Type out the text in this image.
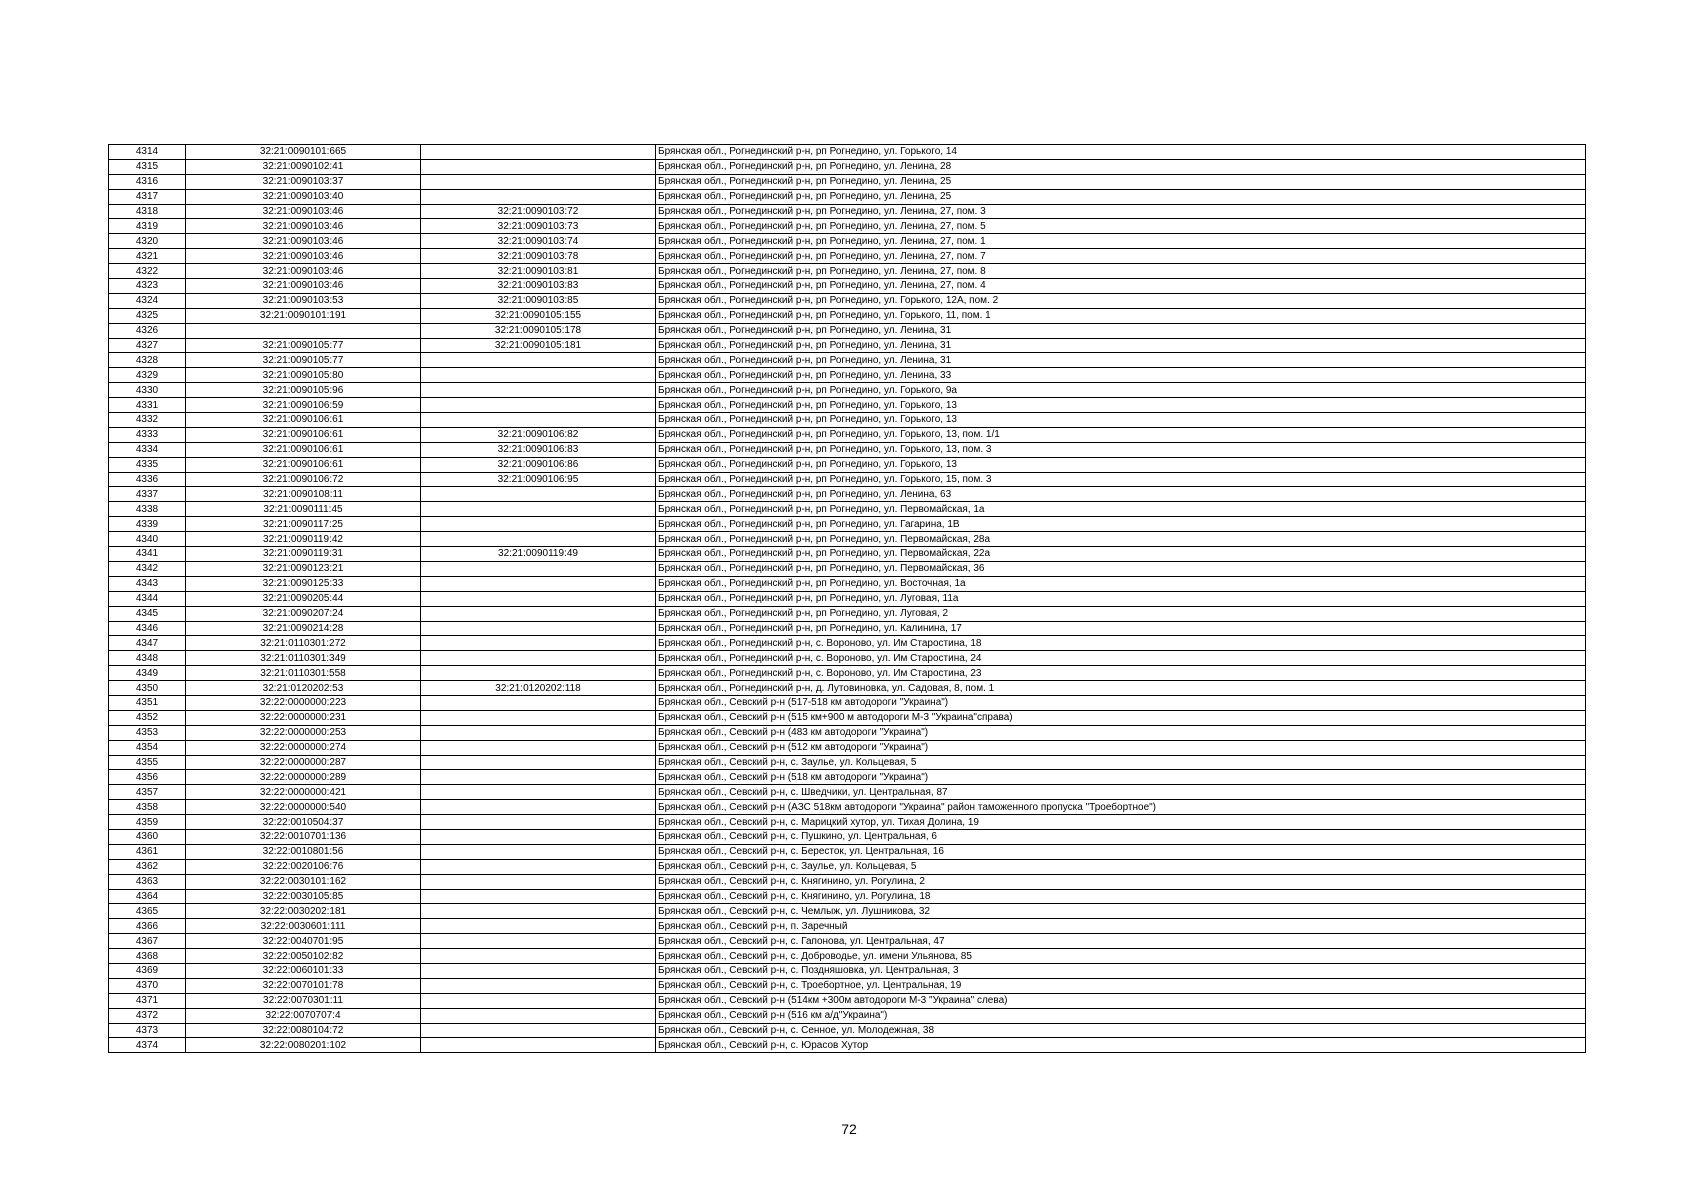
4314	32:21:0090101:665		Брянская обл., Рогнединский р-н, рп Рогнедино, ул. Горького, 14
4315	32:21:0090102:41		Брянская обл., Рогнединский р-н, рп Рогнедино, ул. Ленина, 28
4316	32:21:0090103:37		Брянская обл., Рогнединский р-н, рп Рогнедино, ул. Ленина, 25
4317	32:21:0090103:40		Брянская обл., Рогнединский р-н, рп Рогнедино, ул. Ленина, 25
4318	32:21:0090103:46	32:21:0090103:72	Брянская обл., Рогнединский р-н, рп Рогнедино, ул. Ленина, 27, пом. 3
4319	32:21:0090103:46	32:21:0090103:73	Брянская обл., Рогнединский р-н, рп Рогнедино, ул. Ленина, 27, пом. 5
4320	32:21:0090103:46	32:21:0090103:74	Брянская обл., Рогнединский р-н, рп Рогнедино, ул. Ленина, 27, пом. 1
4321	32:21:0090103:46	32:21:0090103:78	Брянская обл., Рогнединский р-н, рп Рогнедино, ул. Ленина, 27, пом. 7
4322	32:21:0090103:46	32:21:0090103:81	Брянская обл., Рогнединский р-н, рп Рогнедино, ул. Ленина, 27, пом. 8
4323	32:21:0090103:46	32:21:0090103:83	Брянская обл., Рогнединский р-н, рп Рогнедино, ул. Ленина, 27, пом. 4
4324	32:21:0090103:53	32:21:0090103:85	Брянская обл., Рогнединский р-н, рп Рогнедино, ул. Горького, 12А, пом. 2
4325	32:21:0090101:191	32:21:0090105:155	Брянская обл., Рогнединский р-н, рп Рогнедино, ул. Горького, 11, пом. 1
4326		32:21:0090105:178	Брянская обл., Рогнединский р-н, рп Рогнедино, ул. Ленина, 31
4327	32:21:0090105:77	32:21:0090105:181	Брянская обл., Рогнединский р-н, рп Рогнедино, ул. Ленина, 31
4328	32:21:0090105:77		Брянская обл., Рогнединский р-н, рп Рогнедино, ул. Ленина, 31
4329	32:21:0090105:80		Брянская обл., Рогнединский р-н, рп Рогнедино, ул. Ленина, 33
4330	32:21:0090105:96		Брянская обл., Рогнединский р-н, рп Рогнедино, ул. Горького, 9а
4331	32:21:0090106:59		Брянская обл., Рогнединский р-н, рп Рогнедино, ул. Горького, 13
4332	32:21:0090106:61		Брянская обл., Рогнединский р-н, рп Рогнедино, ул. Горького, 13
4333	32:21:0090106:61	32:21:0090106:82	Брянская обл., Рогнединский р-н, рп Рогнедино, ул. Горького, 13, пом. 1/1
4334	32:21:0090106:61	32:21:0090106:83	Брянская обл., Рогнединский р-н, рп Рогнедино, ул. Горького, 13, пом. 3
4335	32:21:0090106:61	32:21:0090106:86	Брянская обл., Рогнединский р-н, рп Рогнедино, ул. Горького, 13
4336	32:21:0090106:72	32:21:0090106:95	Брянская обл., Рогнединский р-н, рп Рогнедино, ул. Горького, 15, пом. 3
4337	32:21:0090108:11		Брянская обл., Рогнединский р-н, рп Рогнедино, ул. Ленина, 63
4338	32:21:0090111:45		Брянская обл., Рогнединский р-н, рп Рогнедино, ул. Первомайская, 1а
4339	32:21:0090117:25		Брянская обл., Рогнединский р-н, рп Рогнедино, ул. Гагарина, 1В
4340	32:21:0090119:42		Брянская обл., Рогнединский р-н, рп Рогнедино, ул. Первомайская, 28а
4341	32:21:0090119:31	32:21:0090119:49	Брянская обл., Рогнединский р-н, рп Рогнедино, ул. Первомайская, 22а
4342	32:21:0090123:21		Брянская обл., Рогнединский р-н, рп Рогнедино, ул. Первомайская, 36
4343	32:21:0090125:33		Брянская обл., Рогнединский р-н, рп Рогнедино, ул. Восточная, 1а
4344	32:21:0090205:44		Брянская обл., Рогнединский р-н, рп Рогнедино, ул. Луговая, 11а
4345	32:21:0090207:24		Брянская обл., Рогнединский р-н, рп Рогнедино, ул. Луговая, 2
4346	32:21:0090214:28		Брянская обл., Рогнединский р-н, рп Рогнедино, ул. Калинина, 17
4347	32:21:0110301:272		Брянская обл., Рогнединский р-н, с. Вороново, ул. Им Старостина, 18
4348	32:21:0110301:349		Брянская обл., Рогнединский р-н, с. Вороново, ул. Им Старостина, 24
4349	32:21:0110301:558		Брянская обл., Рогнединский р-н, с. Вороново, ул. Им Старостина, 23
4350	32:21:0120202:53	32:21:0120202:118	Брянская обл., Рогнединский р-н, д. Лутовиновка, ул. Садовая, 8, пом. 1
4351	32:22:0000000:223		Брянская обл., Севский р-н (517-518 км автодороги "Украина")
4352	32:22:0000000:231		Брянская обл., Севский р-н (515 км+900 м автодороги М-3 "Украина"справа)
4353	32:22:0000000:253		Брянская обл., Севский р-н (483 км автодороги "Украина")
4354	32:22:0000000:274		Брянская обл., Севский р-н (512 км автодороги "Украина")
4355	32:22:0000000:287		Брянская обл., Севский р-н, с. Заулье, ул. Кольцевая, 5
4356	32:22:0000000:289		Брянская обл., Севский р-н (518 км автодороги "Украина")
4357	32:22:0000000:421		Брянская обл., Севский р-н, с. Шведчики, ул. Центральная, 87
4358	32:22:0000000:540		Брянская обл., Севский р-н (АЗС 518км автодороги "Украина" район таможенного пропуска "Троебортное")
4359	32:22:0010504:37		Брянская обл., Севский р-н, с. Марицкий хутор, ул. Тихая Долина, 19
4360	32:22:0010701:136		Брянская обл., Севский р-н, с. Пушкино, ул. Центральная, 6
4361	32:22:0010801:56		Брянская обл., Севский р-н, с. Бересток, ул. Центральная, 16
4362	32:22:0020106:76		Брянская обл., Севский р-н, с. Заулье, ул. Кольцевая, 5
4363	32:22:0030101:162		Брянская обл., Севский р-н, с. Княгинино, ул. Рогулина, 2
4364	32:22:0030105:85		Брянская обл., Севский р-н, с. Княгинино, ул. Рогулина, 18
4365	32:22:0030202:181		Брянская обл., Севский р-н, с. Чемлыж, ул. Лушникова, 32
4366	32:22:0030601:111		Брянская обл., Севский р-н, п. Заречный
4367	32:22:0040701:95		Брянская обл., Севский р-н, с. Гапонова, ул. Центральная, 47
4368	32:22:0050102:82		Брянская обл., Севский р-н, с. Доброводье, ул. имени Ульянова, 85
4369	32:22:0060101:33		Брянская обл., Севский р-н, с. Поздняшовка, ул. Центральная, 3
4370	32:22:0070101:78		Брянская обл., Севский р-н, с. Троебортное, ул. Центральная, 19
4371	32:22:0070301:11		Брянская обл., Севский р-н (514км +300м автодороги М-3 "Украина" слева)
4372	32:22:0070707:4		Брянская обл., Севский р-н (516 км а/д"Украина")
4373	32:22:0080104:72		Брянская обл., Севский р-н, с. Сенное, ул. Молодежная, 38
4374	32:22:0080201:102		Брянская обл., Севский р-н, с. Юрасов Хутор
72
